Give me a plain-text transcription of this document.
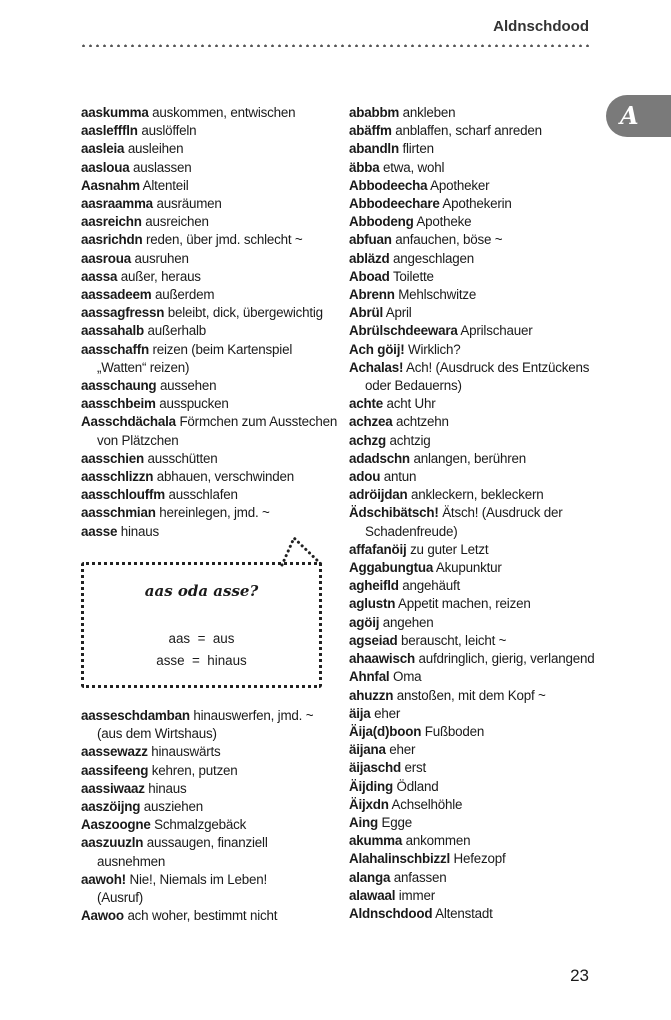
Aldnschdood
A
aaskumma auskommen, entwischen
aaslefffln auslöffeln
aasleia ausleihen
aasloua auslassen
Aasnahm Altenteil
aasraamma ausräumen
aasreichn ausreichen
aasrichdn reden, über jmd. schlecht ~
aasroua ausruhen
aassa außer, heraus
aassadeem außerdem
aassagfressn beleibt, dick, übergewichtig
aassahalb außerhalb
aasschaffn reizen (beim Kartenspiel
„Watten“ reizen)
aasschaung aussehen
aasschbeim ausspucken
Aasschdächala Förmchen zum Ausstechen
von Plätzchen
aasschien ausschütten
aasschlizzn abhauen, verschwinden
aasschlouffm ausschlafen
aasschmian hereinlegen, jmd. ~
aasse hinaus
aas oda asse?
aas = aus
asse = hinaus
aasseschdamban hinauswerfen, jmd. ~
(aus dem Wirtshaus)
aassewazz hinauswärts
aassifeeng kehren, putzen
aassiwaaz hinaus
aaszöijng ausziehen
Aaszoogne Schmalzgebäck
aaszuuzln aussaugen, finanziell
ausnehmen
aawoh! Nie!, Niemals im Leben!
(Ausruf)
Aawoo ach woher, bestimmt nicht
ababbm ankleben
abäffm anblaffen, scharf anreden
abandln flirten
äbba etwa, wohl
Abbodeecha Apotheker
Abbodeechare Apothekerin
Abbodeng Apotheke
abfuan anfauchen, böse ~
abläzd angeschlagen
Aboad Toilette
Abrenn Mehlschwitze
Abrül April
Abrülschdeewara Aprilschauer
Ach göij! Wirklich?
Achalas! Ach! (Ausdruck des Entzückens
oder Bedauerns)
achte acht Uhr
achzea achtzehn
achzg achtzig
adadschn anlangen, berühren
adou antun
adröijdan ankleckern, bekleckern
Ädschibätsch! Ätsch! (Ausdruck der
Schadenfreude)
affafanöij zu guter Letzt
Aggabungtua Akupunktur
agheifld angehäuft
aglustn Appetit machen, reizen
agöij angehen
agseiad berauscht, leicht ~
ahaawisch aufdringlich, gierig, verlangend
Ahnfal Oma
ahuzzn anstoßen, mit dem Kopf ~
äija eher
Äija(d)boon Fußboden
äijana eher
äijaschd erst
Äijding Ödland
Äijxdn Achselhöhle
Aing Egge
akumma ankommen
Alahalinschbizzl Hefezopf
alanga anfassen
alawaal immer
Aldnschdood Altenstadt
23
